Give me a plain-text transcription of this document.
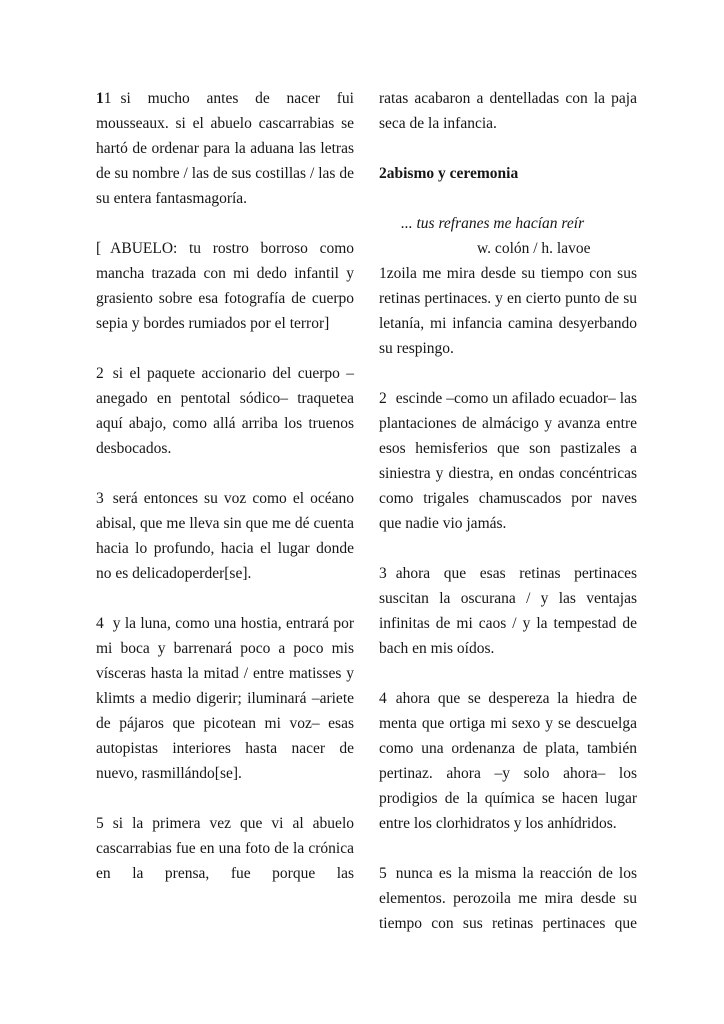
11 si mucho antes de nacer fui mousseaux. si el abuelo cascarrabias se hartó de ordenar para la aduana las letras de su nombre / las de sus costillas / las de su entera fantasmagoría.

[ ABUELO: tu rostro borroso como mancha trazada con mi dedo infantil y grasiento sobre esa fotografía de cuerpo sepia y bordes rumiados por el terror]

2 si el paquete accionario del cuerpo –anegado en pentotal sódico– traquetea aquí abajo, como allá arriba los truenos desbocados.

3 será entonces su voz como el océano abisal, que me lleva sin que me dé cuenta hacia lo profundo, hacia el lugar donde no es delicadoperder[se].

4 y la luna, como una hostia, entrará por mi boca y barrenará poco a poco mis vísceras hasta la mitad / entre matisses y klimts a medio digerir; iluminará –ariete de pájaros que picotean mi voz– esas autopistas interiores hasta nacer de nuevo, rasmillándo[se].

5 si la primera vez que vi al abuelo cascarrabias fue en una foto de la crónica en la prensa, fue porque las

ratas acabaron a dentelladas con la paja seca de la infancia.

2abismo y ceremonia

... tus refranes me hacían reír

w. colón / h. lavoe

1zoila me mira desde su tiempo con sus retinas pertinaces. y en cierto punto de su letanía, mi infancia camina desyerbando su respingo.

2 escinde –como un afilado ecuador– las plantaciones de almácigo y avanza entre esos hemisferios que son pastizales a siniestra y diestra, en ondas concéntricas como trigales chamuscados por naves que nadie vio jamás.

3 ahora que esas retinas pertinaces suscitan la oscurana / y las ventajas infinitas de mi caos / y la tempestad de bach en mis oídos.

4 ahora que se despereza la hiedra de menta que ortiga mi sexo y se descuelga como una ordenanza de plata, también pertinaz. ahora –y solo ahora– los prodigios de la química se hacen lugar entre los clorhidratos y los anhídridos.

5 nunca es la misma la reacción de los elementos. perozoila me mira desde su tiempo con sus retinas pertinaces que
